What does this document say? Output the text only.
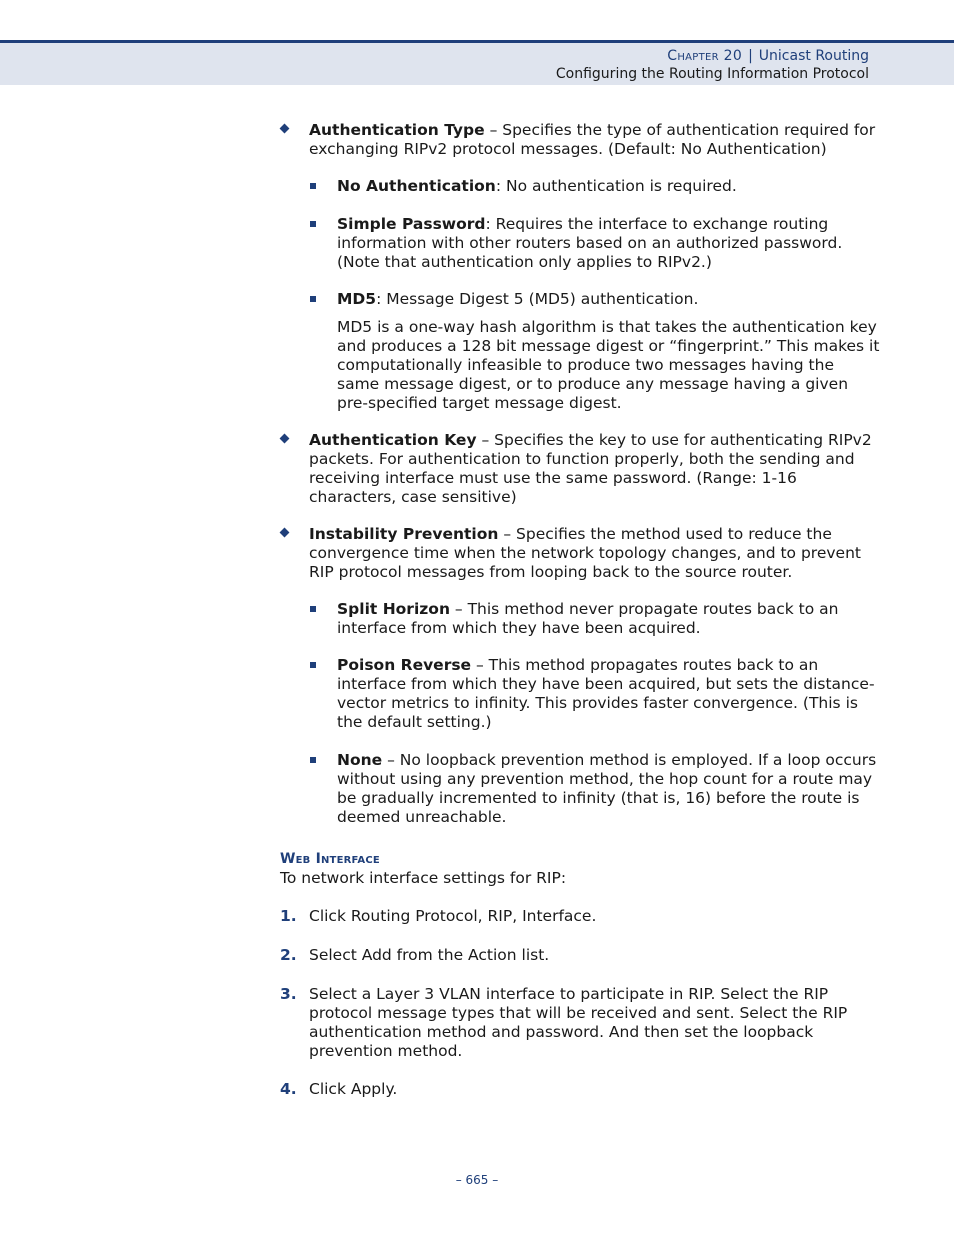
Chapter 20 | Unicast Routing
Configuring the Routing Information Protocol

Authentication Type – Specifies the type of authentication required for exchanging RIPv2 protocol messages. (Default: No Authentication)

No Authentication: No authentication is required.

Simple Password: Requires the interface to exchange routing information with other routers based on an authorized password. (Note that authentication only applies to RIPv2.)

MD5: Message Digest 5 (MD5) authentication.

MD5 is a one-way hash algorithm is that takes the authentication key and produces a 128 bit message digest or “fingerprint.” This makes it computationally infeasible to produce two messages having the same message digest, or to produce any message having a given pre-specified target message digest.

Authentication Key – Specifies the key to use for authenticating RIPv2 packets. For authentication to function properly, both the sending and receiving interface must use the same password. (Range: 1-16 characters, case sensitive)

Instability Prevention – Specifies the method used to reduce the convergence time when the network topology changes, and to prevent RIP protocol messages from looping back to the source router.

Split Horizon – This method never propagate routes back to an interface from which they have been acquired.

Poison Reverse – This method propagates routes back to an interface from which they have been acquired, but sets the distance-vector metrics to infinity. This provides faster convergence. (This is the default setting.)

None – No loopback prevention method is employed. If a loop occurs without using any prevention method, the hop count for a route may be gradually incremented to infinity (that is, 16) before the route is deemed unreachable.

Web Interface

To network interface settings for RIP:

1. Click Routing Protocol, RIP, Interface.

2. Select Add from the Action list.

3. Select a Layer 3 VLAN interface to participate in RIP. Select the RIP protocol message types that will be received and sent. Select the RIP authentication method and password. And then set the loopback prevention method.

4. Click Apply.

– 665 –
